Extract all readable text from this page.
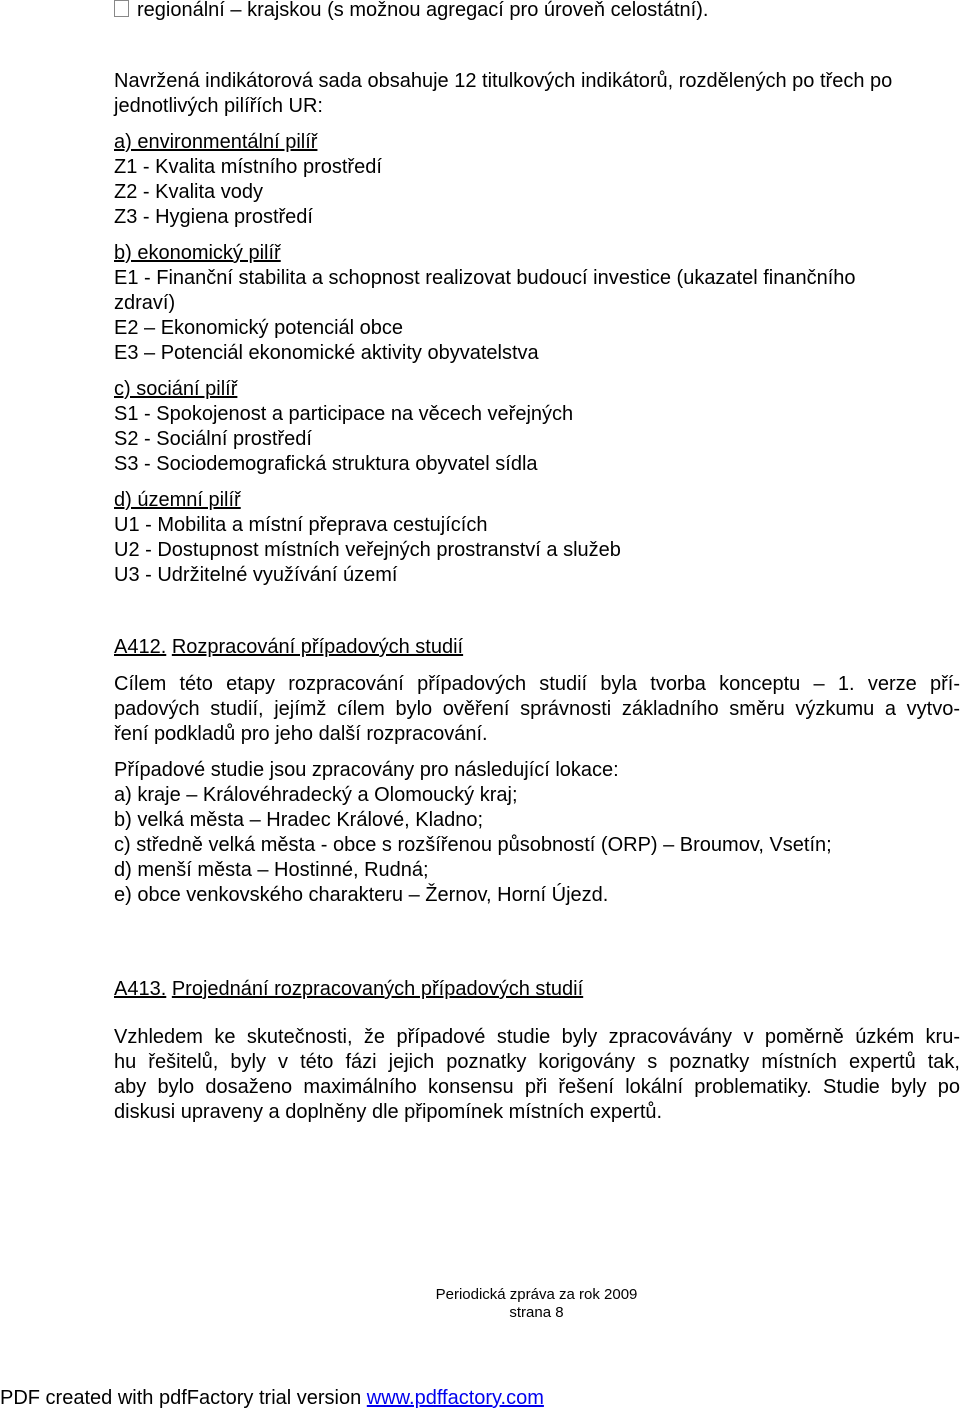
regionální – krajskou (s možnou agregací pro úroveň celostátní).
Navržená indikátorová sada obsahuje 12 titulkových indikátorů, rozdělených po třech po
jednotlivých pilířích UR:
a) environmentální pilíř
Z1 - Kvalita místního prostředí
Z2 - Kvalita vody
Z3 - Hygiena prostředí
b) ekonomický pilíř
E1 - Finanční stabilita a schopnost realizovat budoucí investice (ukazatel finančního
zdraví)
E2 – Ekonomický potenciál obce
E3 – Potenciál ekonomické aktivity obyvatelstva
c) sociání pilíř
S1 - Spokojenost a participace na věcech veřejných
S2 - Sociální prostředí
S3 - Sociodemografická struktura obyvatel sídla
d) územní pilíř
U1 - Mobilita a místní přeprava cestujících
U2 - Dostupnost místních veřejných prostranství a služeb
U3 - Udržitelné využívání území
A412. Rozpracování případových studií
Cílem této etapy rozpracování případových studií byla tvorba konceptu – 1. verze pří-
padových studií, jejímž cílem bylo ověření správnosti základního směru výzkumu a vytvo-
ření podkladů pro jeho další rozpracování.
Případové studie jsou zpracovány pro následující lokace:
a) kraje – Královéhradecký a Olomoucký kraj;
b) velká města – Hradec Králové, Kladno;
c) středně velká města - obce s rozšířenou působností (ORP) – Broumov, Vsetín;
d) menší města – Hostinné, Rudná;
e) obce venkovského charakteru – Žernov, Horní Újezd.
A413. Projednání rozpracovaných případových studií
Vzhledem ke skutečnosti, že případové studie byly zpracovávány v poměrně úzkém kru-
hu řešitelů, byly v této fázi jejich poznatky korigovány s poznatky místních expertů tak,
aby bylo dosaženo maximálního konsensu při řešení lokální problematiky. Studie byly po
diskusi upraveny a doplněny dle připomínek místních expertů.
Periodická zpráva za rok 2009
strana 8
PDF created with pdfFactory trial version www.pdffactory.com
